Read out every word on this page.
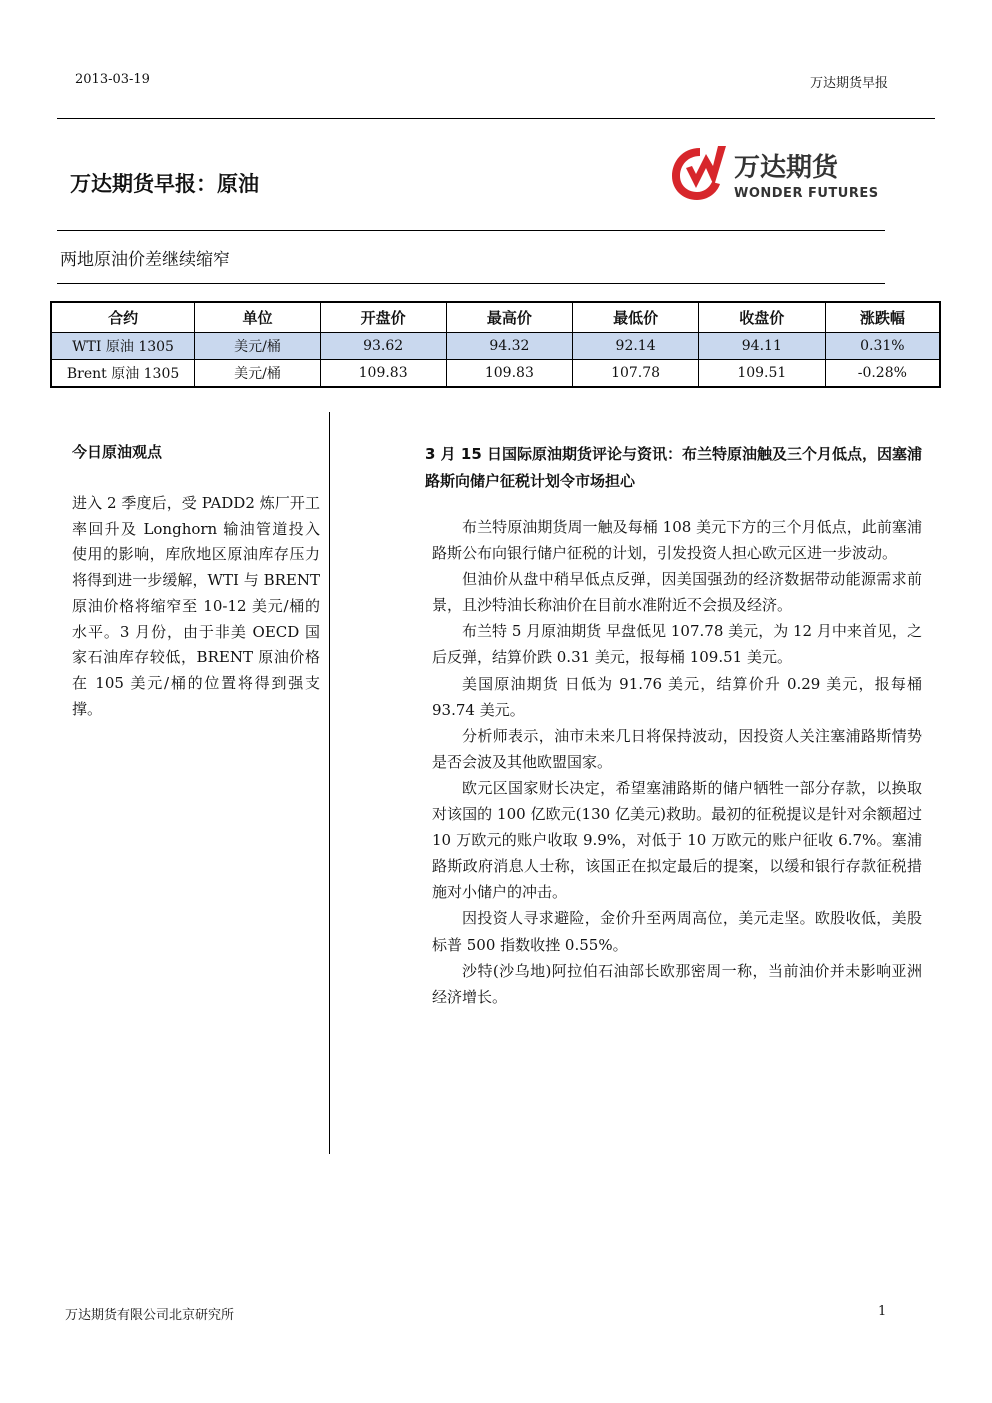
2013-03-19	万达期货早报
万达期货早报：原油
万达期货
WONDER FUTURES
两地原油价差继续缩窄
合约	单位	开盘价	最高价	最低价	收盘价	涨跌幅
WTI 原油 1305	美元/桶	93.62	94.32	92.14	94.11	0.31%
Brent 原油 1305	美元/桶	109.83	109.83	107.78	109.51	-0.28%
今日原油观点
进入 2 季度后，受 PADD2 炼厂开工率回升及 Longhorn 输油管道投入使用的影响，库欣地区原油库存压力将得到进一步缓解，WTI 与 BRENT 原油价格将缩窄至 10-12 美元/桶的水平。3 月份，由于非美 OECD 国家石油库存较低，BRENT 原油价格在 105 美元/桶的位置将得到强支撑。
3 月 15 日国际原油期货评论与资讯：布兰特原油触及三个月低点，因塞浦路斯向储户征税计划令市场担心

布兰特原油期货周一触及每桶 108 美元下方的三个月低点，此前塞浦路斯公布向银行储户征税的计划，引发投资人担心欧元区进一步波动。

但油价从盘中稍早低点反弹，因美国强劲的经济数据带动能源需求前景，且沙特油长称油价在目前水准附近不会损及经济。

布兰特 5 月原油期货 早盘低见 107.78 美元，为 12 月中来首见，之后反弹，结算价跌 0.31 美元，报每桶 109.51 美元。

美国原油期货 日低为 91.76 美元，结算价升 0.29 美元，报每桶 93.74 美元。

分析师表示，油市未来几日将保持波动，因投资人关注塞浦路斯情势是否会波及其他欧盟国家。

欧元区国家财长决定，希望塞浦路斯的储户牺牲一部分存款，以换取对该国的 100 亿欧元(130 亿美元)救助。最初的征税提议是针对余额超过 10 万欧元的账户收取 9.9%，对低于 10 万欧元的账户征收 6.7%。塞浦路斯政府消息人士称，该国正在拟定最后的提案，以缓和银行存款征税措施对小储户的冲击。

因投资人寻求避险，金价升至两周高位，美元走坚。欧股收低，美股标普 500 指数收挫 0.55%。

沙特(沙乌地)阿拉伯石油部长欧那密周一称，当前油价并未影响亚洲经济增长。

万达期货有限公司北京研究所	1
